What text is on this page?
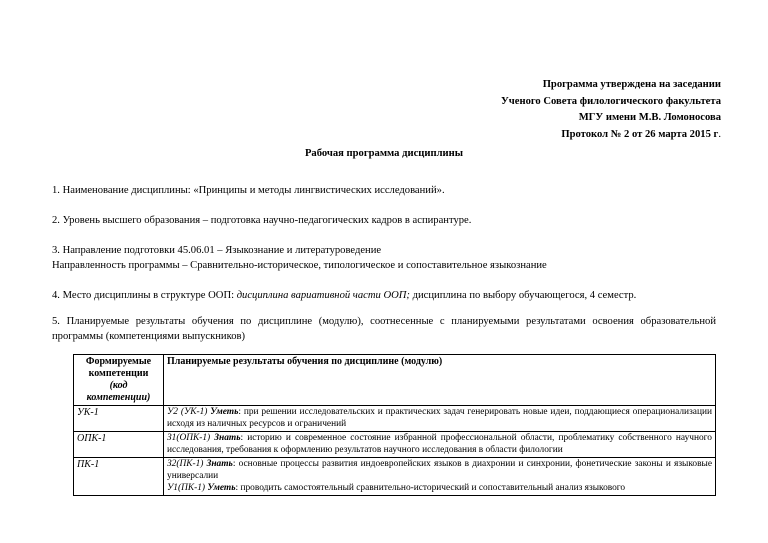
Программа утверждена на заседании
Ученого Совета филологического факультета
МГУ имени М.В. Ломоносова
Протокол № 2 от 26 марта 2015 г.
Рабочая программа дисциплины
1. Наименование дисциплины: «Принципы и методы лингвистических исследований».
2. Уровень высшего образования – подготовка научно-педагогических кадров в аспирантуре.
3. Направление подготовки 45.06.01 – Языкознание и литературоведение
Направленность программы – Сравнительно-историческое, типологическое и сопоставительное языкознание
4. Место дисциплины в структуре ООП: дисциплина вариативной части ООП; дисциплина по выбору обучающегося, 4 семестр.
5. Планируемые результаты обучения по дисциплине (модулю), соотнесенные с планируемыми результатами освоения образовательной программы (компетенциями выпускников)
Формируемые компетенции
(код компетенции)	Планируемые результаты обучения по дисциплине (модулю)
УК-1	У2 (УК-1) Уметь: при решении исследовательских и практических задач генерировать новые идеи, поддающиеся операционализации исходя из наличных ресурсов и ограничений
ОПК-1	З1(ОПК-1) Знать: историю и современное состояние избранной профессиональной области, проблематику собственного научного исследования, требования к оформлению результатов научного исследования в области филологии
ПК-1	З2(ПК-1) Знать: основные процессы развития индоевропейских языков в диахронии и синхронии, фонетические законы и языковые универсалии
У1(ПК-1) Уметь: проводить самостоятельный сравнительно-исторический и сопоставительный анализ языкового
